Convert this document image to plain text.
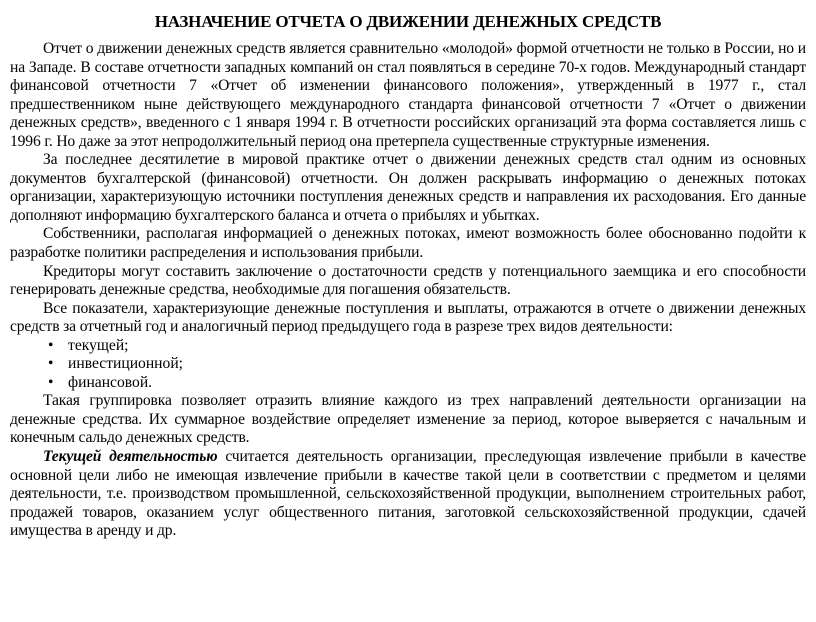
НАЗНАЧЕНИЕ ОТЧЕТА О ДВИЖЕНИИ ДЕНЕЖНЫХ СРЕДСТВ

Отчет о движении денежных средств является сравнительно «молодой» формой отчетности не только в России, но и на Западе. В составе отчетности западных компаний он стал появляться в середине 70-х годов. Международный стандарт финансовой отчетности 7 «Отчет об изменении финансового положения», утвержденный в 1977 г., стал предшественником ныне действующего международного стандарта финансовой отчетности 7 «Отчет о движении денежных средств», введенного с 1 января 1994 г. В отчетности российских организаций эта форма составляется лишь с 1996 г. Но даже за этот непродолжительный период она претерпела существенные структурные изменения.

За последнее десятилетие в мировой практике отчет о движении денежных средств стал одним из основных документов бухгалтерской (финансовой) отчетности. Он должен раскрывать информацию о денежных потоках организации, характеризующую источники поступления денежных средств и направления их расходования. Его данные дополняют информацию бухгалтерского баланса и отчета о прибылях и убытках.

Собственники, располагая информацией о денежных потоках, имеют возможность более обоснованно подойти к разработке политики распределения и использования прибыли.

Кредиторы могут составить заключение о достаточности средств у потенциального заемщика и его способности генерировать денежные средства, необходимые для погашения обязательств.

Все показатели, характеризующие денежные поступления и выплаты, отражаются в отчете о движении денежных средств за отчетный год и аналогичный период предыдущего года в разрезе трех видов деятельности:

• текущей;
• инвестиционной;
• финансовой.

Такая группировка позволяет отразить влияние каждого из трех направлений деятельности организации на денежные средства. Их суммарное воздействие определяет изменение за период, которое выверяется с начальным и конечным сальдо денежных средств.

Текущей деятельностью считается деятельность организации, преследующая извлечение прибыли в качестве основной цели либо не имеющая извлечение прибыли в качестве такой цели в соответствии с предметом и целями деятельности, т.е. производством промышленной, сельскохозяйственной продукции, выполнением строительных работ, продажей товаров, оказанием услуг общественного питания, заготовкой сельскохозяйственной продукции, сдачей имущества в аренду и др.
